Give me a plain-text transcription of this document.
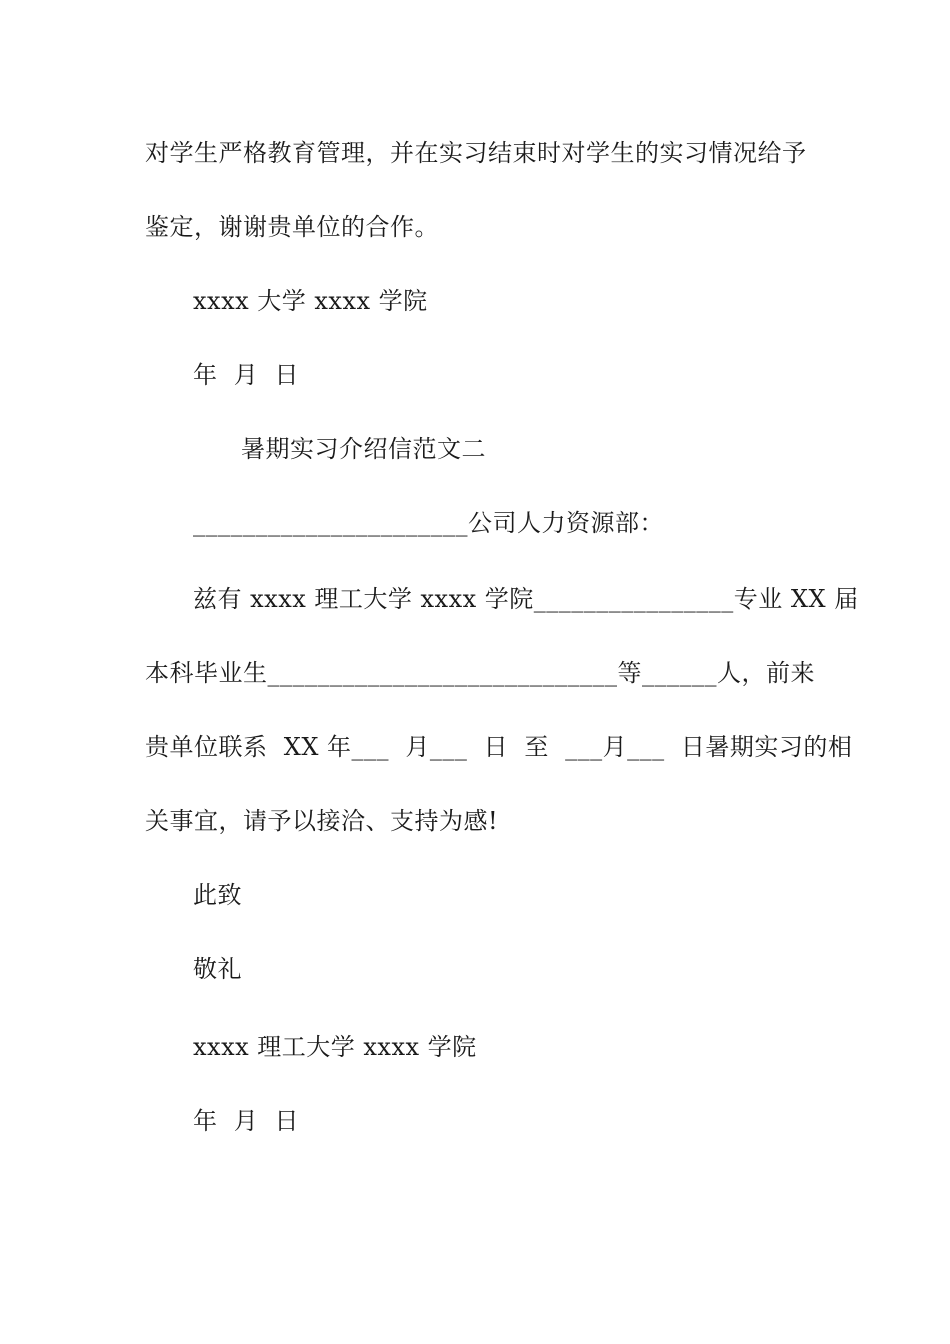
对学生严格教育管理，并在实习结束时对学生的实习情况给予
鉴定，谢谢贵单位的合作。
xxxx 大学 xxxx 学院
年  月  日
暑期实习介绍信范文二
______________________公司人力资源部：
兹有 xxxx 理工大学 xxxx 学院________________专业 XX 届
本科毕业生____________________________等______人，前来
贵单位联系  XX 年___  月___  日  至  ___月___  日暑期实习的相
关事宜，请予以接洽、支持为感!
此致
敬礼
xxxx 理工大学 xxxx 学院
年  月  日
